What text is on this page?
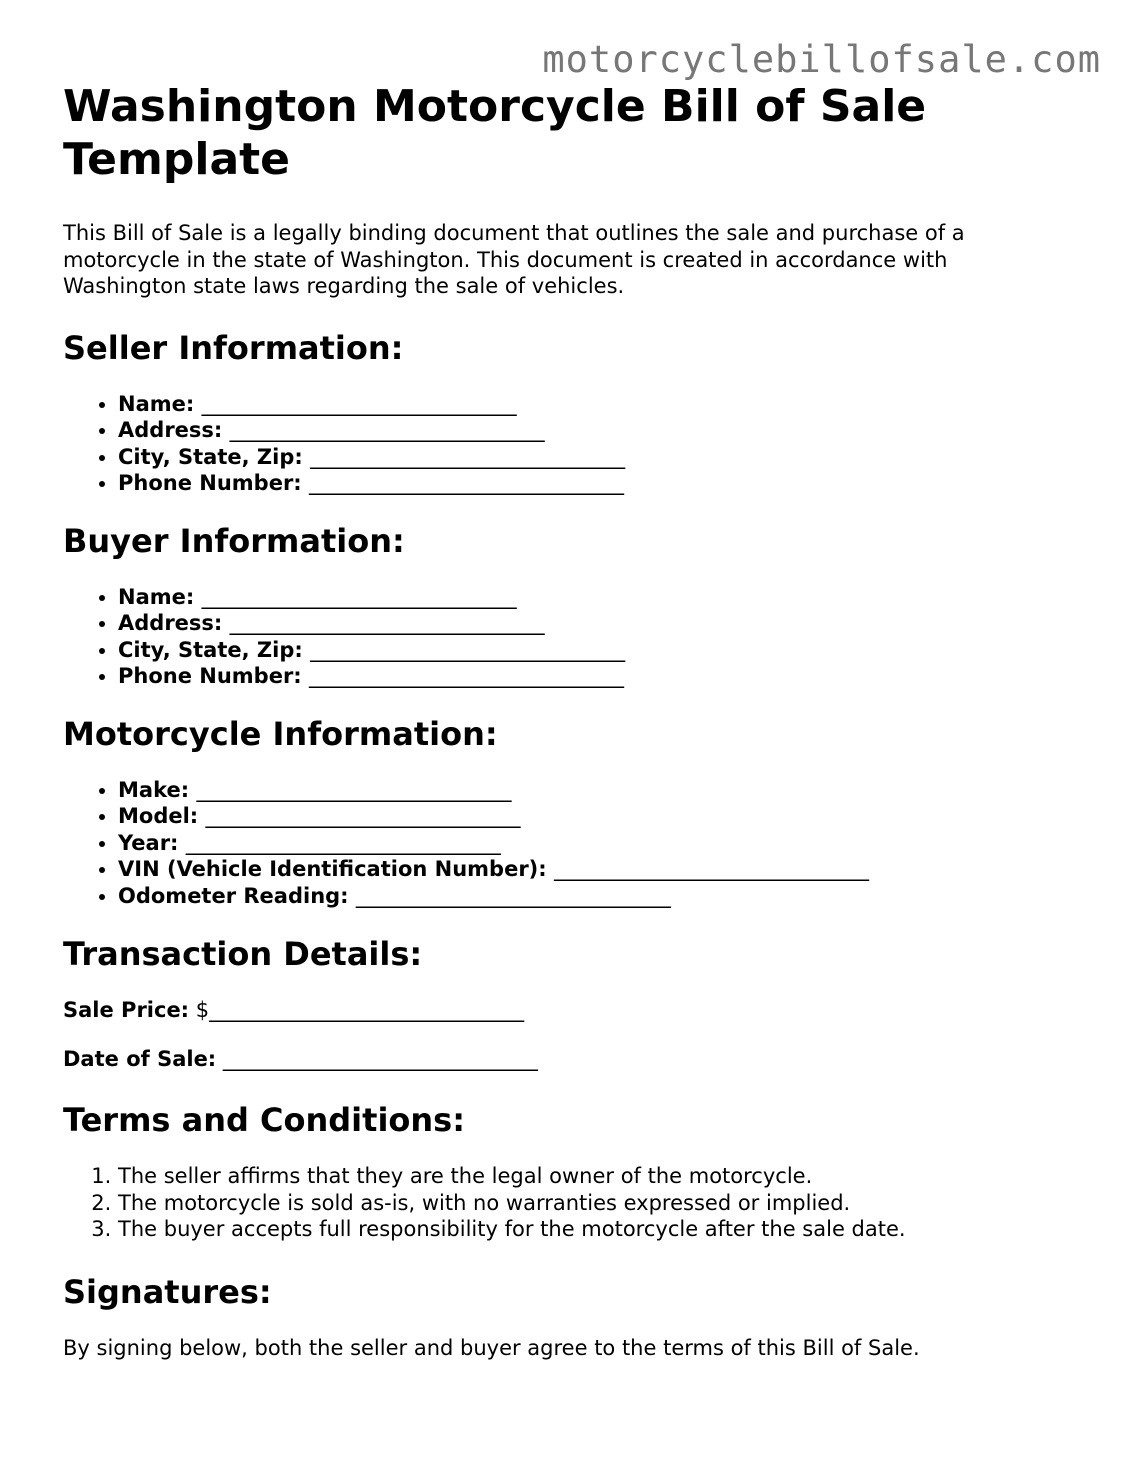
motorcyclebillofsale.com
Washington Motorcycle Bill of Sale Template

This Bill of Sale is a legally binding document that outlines the sale and purchase of a motorcycle in the state of Washington. This document is created in accordance with Washington state laws regarding the sale of vehicles.

Seller Information:
• Name: ______________________________
• Address: ______________________________
• City, State, Zip: ______________________________
• Phone Number: ______________________________
Buyer Information:
• Name: ______________________________
• Address: ______________________________
• City, State, Zip: ______________________________
• Phone Number: ______________________________
Motorcycle Information:
• Make: ______________________________
• Model: ______________________________
• Year: ______________________________
• VIN (Vehicle Identification Number): ______________________________
• Odometer Reading: ______________________________
Transaction Details:

Sale Price: $______________________________

Date of Sale: ______________________________

Terms and Conditions:
1. The seller affirms that they are the legal owner of the motorcycle.
2. The motorcycle is sold as-is, with no warranties expressed or implied.
3. The buyer accepts full responsibility for the motorcycle after the sale date.
Signatures:

By signing below, both the seller and buyer agree to the terms of this Bill of Sale.
